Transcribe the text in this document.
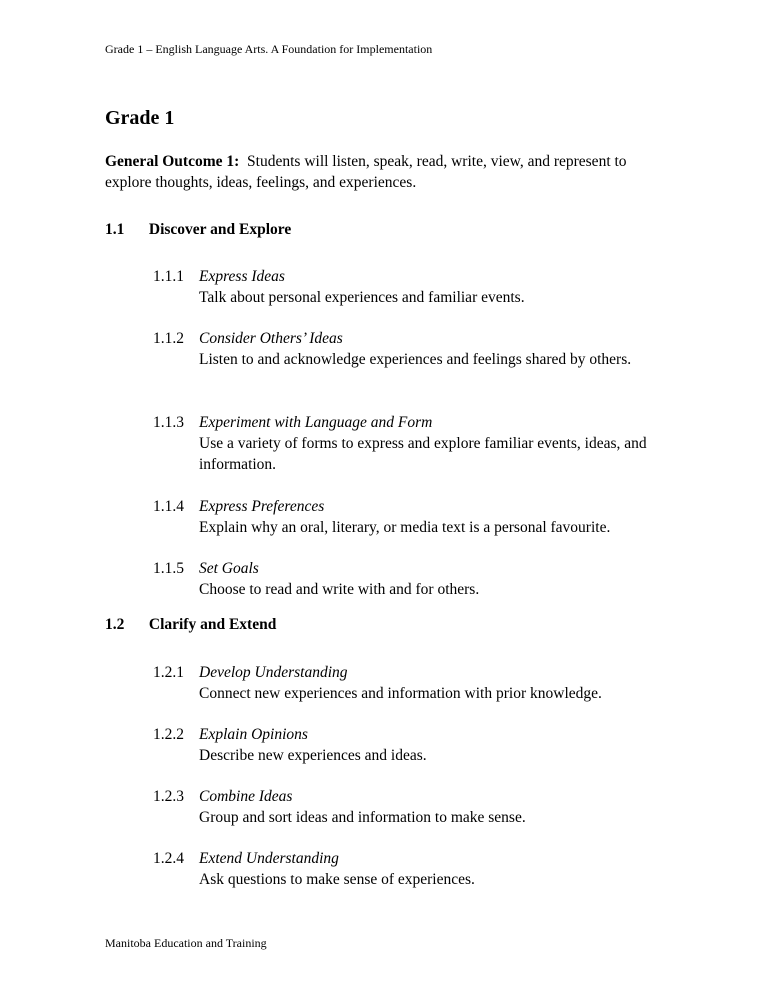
Grade 1 – English Language Arts. A Foundation for Implementation
Grade 1
General Outcome 1: Students will listen, speak, read, write, view, and represent to explore thoughts, ideas, feelings, and experiences.
1.1 Discover and Explore
1.1.1 Express Ideas
Talk about personal experiences and familiar events.
1.1.2 Consider Others’ Ideas
Listen to and acknowledge experiences and feelings shared by others.
1.1.3 Experiment with Language and Form
Use a variety of forms to express and explore familiar events, ideas, and information.
1.1.4 Express Preferences
Explain why an oral, literary, or media text is a personal favourite.
1.1.5 Set Goals
Choose to read and write with and for others.
1.2 Clarify and Extend
1.2.1 Develop Understanding
Connect new experiences and information with prior knowledge.
1.2.2 Explain Opinions
Describe new experiences and ideas.
1.2.3 Combine Ideas
Group and sort ideas and information to make sense.
1.2.4 Extend Understanding
Ask questions to make sense of experiences.
Manitoba Education and Training
